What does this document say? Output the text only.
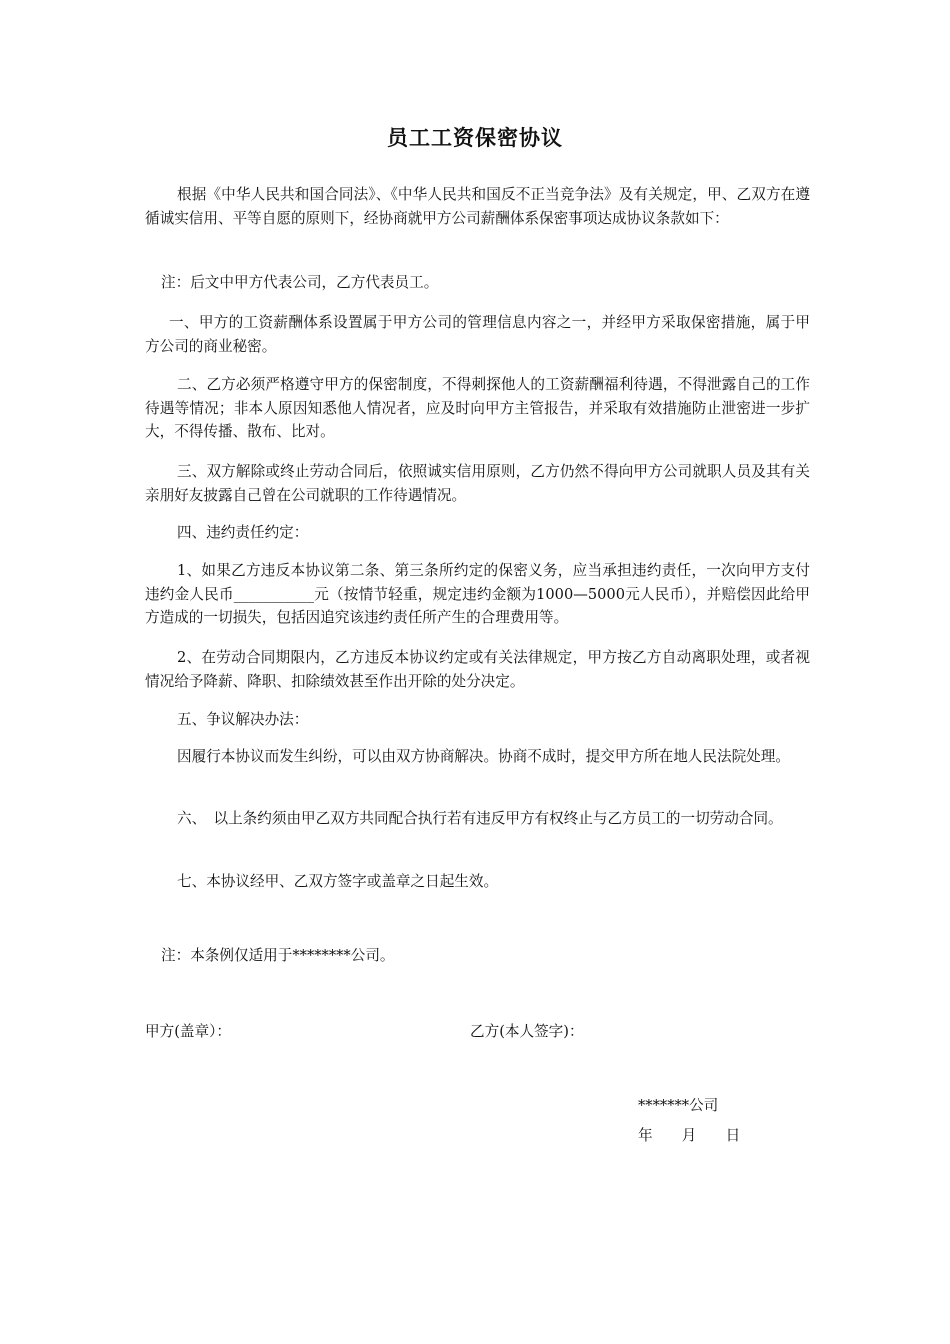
员工工资保密协议

根据《中华人民共和国合同法》、《中华人民共和国反不正当竞争法》及有关规定，甲、乙双方在遵循诚实信用、平等自愿的原则下，经协商就甲方公司薪酬体系保密事项达成协议条款如下：

注：后文中甲方代表公司，乙方代表员工。

一、甲方的工资薪酬体系设置属于甲方公司的管理信息内容之一，并经甲方采取保密措施，属于甲方公司的商业秘密。

二、乙方必须严格遵守甲方的保密制度，不得刺探他人的工资薪酬福利待遇，不得泄露自己的工作待遇等情况；非本人原因知悉他人情况者，应及时向甲方主管报告，并采取有效措施防止泄密进一步扩大，不得传播、散布、比对。

三、双方解除或终止劳动合同后，依照诚实信用原则，乙方仍然不得向甲方公司就职人员及其有关亲朋好友披露自己曾在公司就职的工作待遇情况。

四、违约责任约定：

1、如果乙方违反本协议第二条、第三条所约定的保密义务，应当承担违约责任，一次向甲方支付违约金人民币___________元（按情节轻重，规定违约金额为1000—5000元人民币），并赔偿因此给甲方造成的一切损失，包括因追究该违约责任所产生的合理费用等。

2、在劳动合同期限内，乙方违反本协议约定或有关法律规定，甲方按乙方自动离职处理，或者视情况给予降薪、降职、扣除绩效甚至作出开除的处分决定。

五、争议解决办法：

因履行本协议而发生纠纷，可以由双方协商解决。协商不成时，提交甲方所在地人民法院处理。

六、　以上条约须由甲乙双方共同配合执行若有违反甲方有权终止与乙方员工的一切劳动合同。

七、本协议经甲、乙双方签字或盖章之日起生效。

注：本条例仅适用于********公司。

甲方(盖章）：	乙方(本人签字)：
*******公司
年　　月　　日
